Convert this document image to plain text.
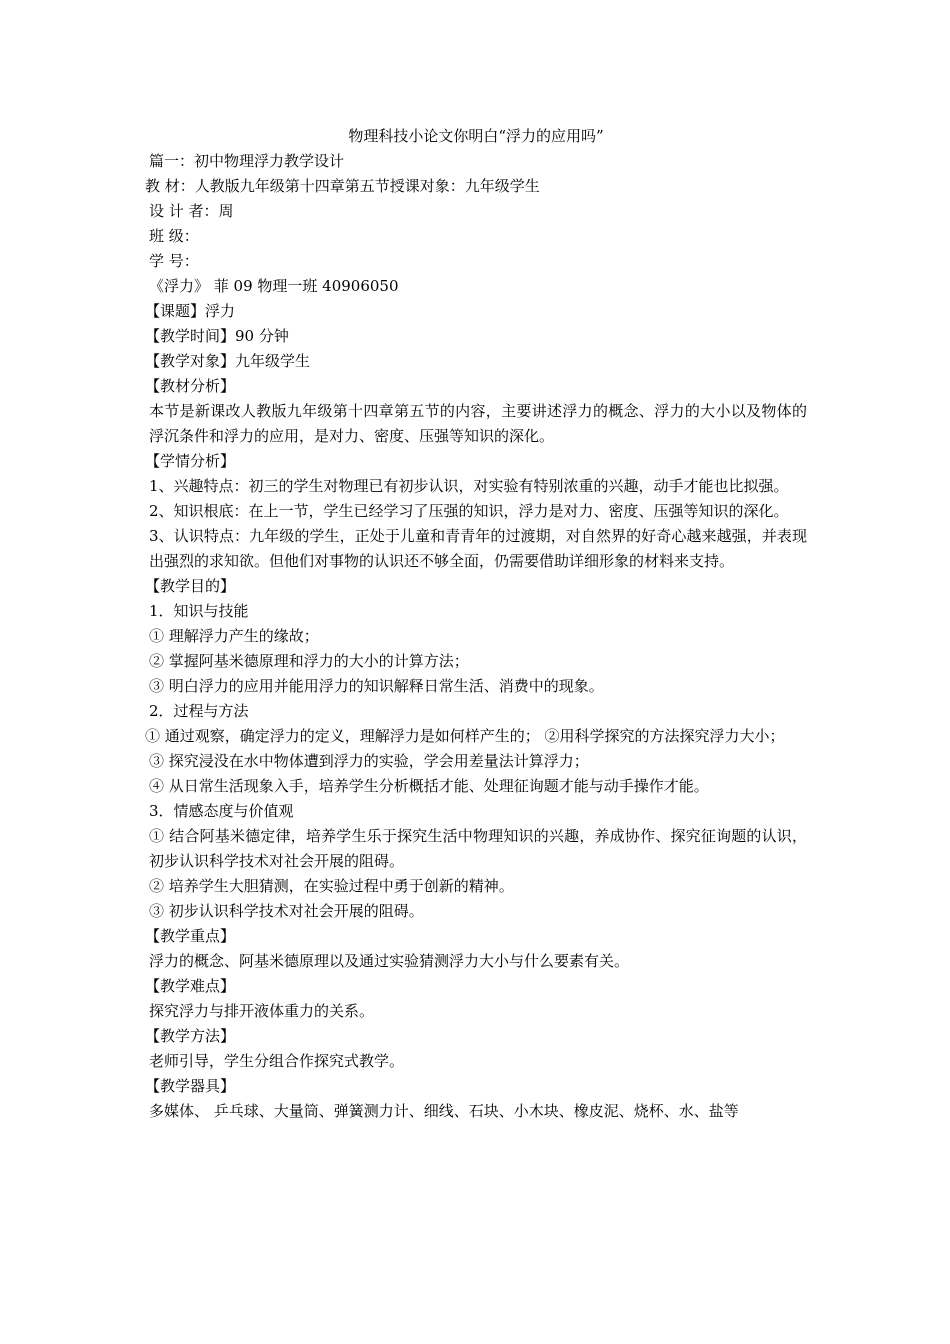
物理科技小论文你明白“浮力的应用吗”
篇一：初中物理浮力教学设计
教 材：人教版九年级第十四章第五节授课对象：九年级学生
设 计 者：周
班 级：
学 号：
《浮力》 菲 09 物理一班 40906050
【课题】浮力
【教学时间】90 分钟
【教学对象】九年级学生
【教材分析】
本节是新课改人教版九年级第十四章第五节的内容，主要讲述浮力的概念、浮力的大小以及物体的浮沉条件和浮力的应用，是对力、密度、压强等知识的深化。
【学情分析】
1、兴趣特点：初三的学生对物理已有初步认识，对实验有特别浓重的兴趣，动手才能也比拟强。
2、知识根底：在上一节，学生已经学习了压强的知识，浮力是对力、密度、压强等知识的深化。
3、认识特点：九年级的学生，正处于儿童和青青年的过渡期，对自然界的好奇心越来越强，并表现出强烈的求知欲。但他们对事物的认识还不够全面，仍需要借助详细形象的材料来支持。
【教学目的】
1．知识与技能
① 理解浮力产生的缘故；
② 掌握阿基米德原理和浮力的大小的计算方法；
③ 明白浮力的应用并能用浮力的知识解释日常生活、消费中的现象。
2．过程与方法
① 通过观察，确定浮力的定义，理解浮力是如何样产生的； ②用科学探究的方法探究浮力大小；
③ 探究浸没在水中物体遭到浮力的实验，学会用差量法计算浮力；
④ 从日常生活现象入手，培养学生分析概括才能、处理征询题才能与动手操作才能。
3．情感态度与价值观
① 结合阿基米德定律，培养学生乐于探究生活中物理知识的兴趣，养成协作、探究征询题的认识，初步认识科学技术对社会开展的阻碍。
② 培养学生大胆猜测，在实验过程中勇于创新的精神。
③ 初步认识科学技术对社会开展的阻碍。
【教学重点】
浮力的概念、阿基米德原理以及通过实验猜测浮力大小与什么要素有关。
【教学难点】
探究浮力与排开液体重力的关系。
【教学方法】
老师引导，学生分组合作探究式教学。
【教学器具】
多媒体、 乒乓球、大量筒、弹簧测力计、细线、石块、小木块、橡皮泥、烧杯、水、盐等
